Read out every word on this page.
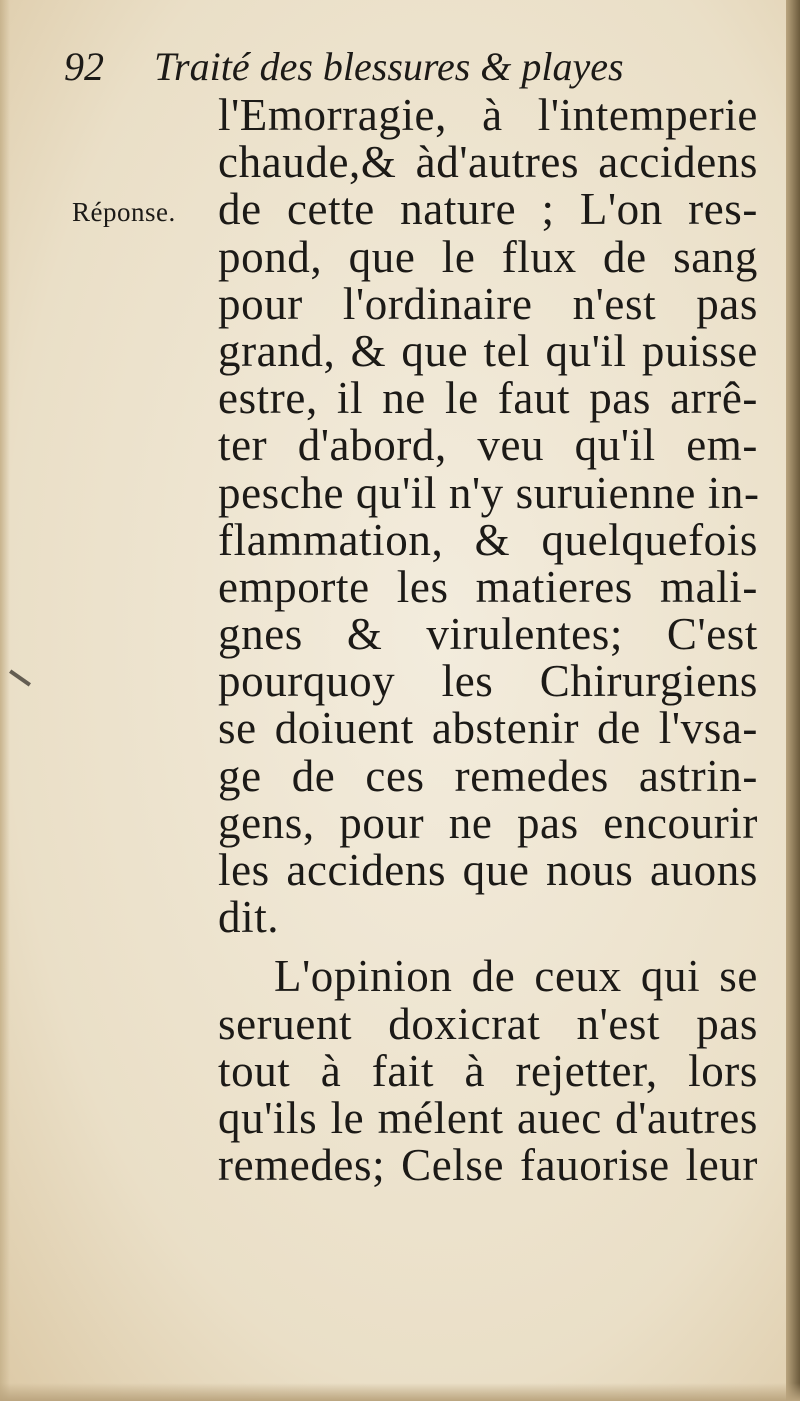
92 Traité des blessures & playes
Réponse.
l'Emorragie, à l'intemperie
chaude,& àd'autres accidens
de cette nature ; L'on res-
pond, que le flux de sang
pour l'ordinaire n'est pas
grand, & que tel qu'il puisse
estre, il ne le faut pas arrê-
ter d'abord, veu qu'il em-
pesche qu'il n'y suruienne in-
flammation, & quelquefois
emporte les matieres mali-
gnes & virulentes; C'est
pourquoy les Chirurgiens
se doiuent abstenir de l'vsa-
ge de ces remedes astrin-
gens, pour ne pas encourir
les accidens que nous auons
dit.
L'opinion de ceux qui se
seruent doxicrat n'est pas
tout à fait à rejetter, lors
qu'ils le mélent auec d'autres
remedes; Celse fauorise leur
